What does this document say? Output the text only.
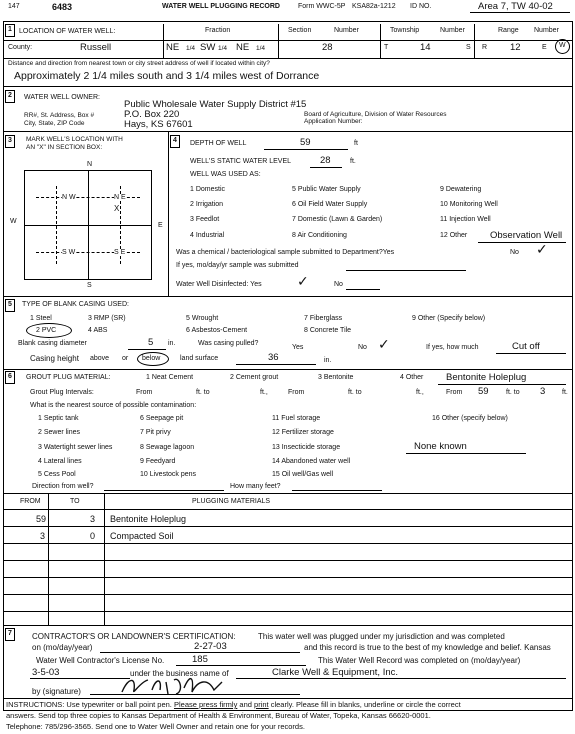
147	6483	WATER WELL PLUGGING RECORD	Form WWC-5P KSA82a-1212 ID NO.	Area 7, TW 40-02
1 LOCATION OF WATER WELL:	Fraction	Section	Number	Township	Number	Range Number
County:	Russell	NE 1/4 SW 1/4 NE 1/4	28	T	14	S R 12	E W
Distance and direction from nearest town or city street address of well if located within city?
Approximately 2 1/4 miles south and 3 1/4 miles west of Dorrance
2 WATER WELL OWNER:
Public Wholesale Water Supply District #15
RR#, St. Address, Box #	P.O. Box 220
City, State, ZIP Code	Hays, KS 67601
Board of Agriculture, Division of Water Resources
Application Number:
3 MARK WELL'S LOCATION WITH
AN "X" IN SECTION BOX:
N
S
W
E
N W	N E
S W	S E
X
4 DEPTH OF WELL	59	ft
WELL'S STATIC WATER LEVEL	28	ft.
WELL WAS USED AS:
1 Domestic	5 Public Water Supply	9 Dewatering
2 Irrigation	6 Oil Field Water Supply	10 Monitoring Well
3 Feedlot	7 Domestic (Lawn & Garden)	11 Injection Well
4 Industrial	8 Air Conditioning	12 Other Observation Well
Was a chemical / bacteriological sample submitted to Department?Yes	No ✓
If yes, mo/day/yr sample was submitted
Water Well Disinfected: Yes	✓	No
5 TYPE OF BLANK CASING USED:
1 Steel	3 RMP (SR)	5 Wrought	7 Fiberglass	9 Other (Specify below)
2 PVC	4 ABS	6 Asbestos-Cement	8 Concrete Tile
Blank casing diameter	5 in.	Was casing pulled?
Yes	No ✓	If yes, how much	Cut off
Casing height above or below	land surface	36	in.
6 GROUT PLUG MATERIAL:	1 Neat Cement	2 Cement grout	3 Bentonite	4 Other Bentonite Holeplug
Grout Plug Intervals:	From	ft. to	ft.,	From	ft. to	ft.,	From 59 ft. to 3 ft.
What is the nearest source of possible contamination:
1 Septic tank	6 Seepage pit	11 Fuel storage	16 Other (specify below)
2 Sewer lines	7 Pit privy	12 Fertilizer storage
3 Watertight sewer lines	8 Sewage lagoon	13 Insecticide storage	None known
4 Lateral lines	9 Feedyard	14 Abandoned water well
5 Cess Pool	10 Livestock pens	15 Oil well/Gas well
Direction from well?	How many feet?
FROM	TO	PLUGGING MATERIALS
59	3 Bentonite Holeplug
3	0 Compacted Soil
7	CONTRACTOR'S OR LANDOWNER'S CERTIFICATION:	This water well was plugged under my jurisdiction and was completed
on (mo/day/year)	2-27-03	and this record is true to the best of my knowledge and belief. Kansas
Water Well Contractor's License No.	185	This Water Well Record was completed on (mo/day/year)
3-5-03	under the business name of	Clarke Well & Equipment, Inc.
by (signature)
INSTRUCTIONS: Use typewriter or ball point pen. Please press firmly and print clearly. Please fill in blanks, underline or circle the correct
answers. Send top three copies to Kansas Department of Health & Environment, Bureau of Water, Topeka, Kansas 66620-0001.
Telephone: 785/296-3565. Send one to Water Well Owner and retain one for your records.
